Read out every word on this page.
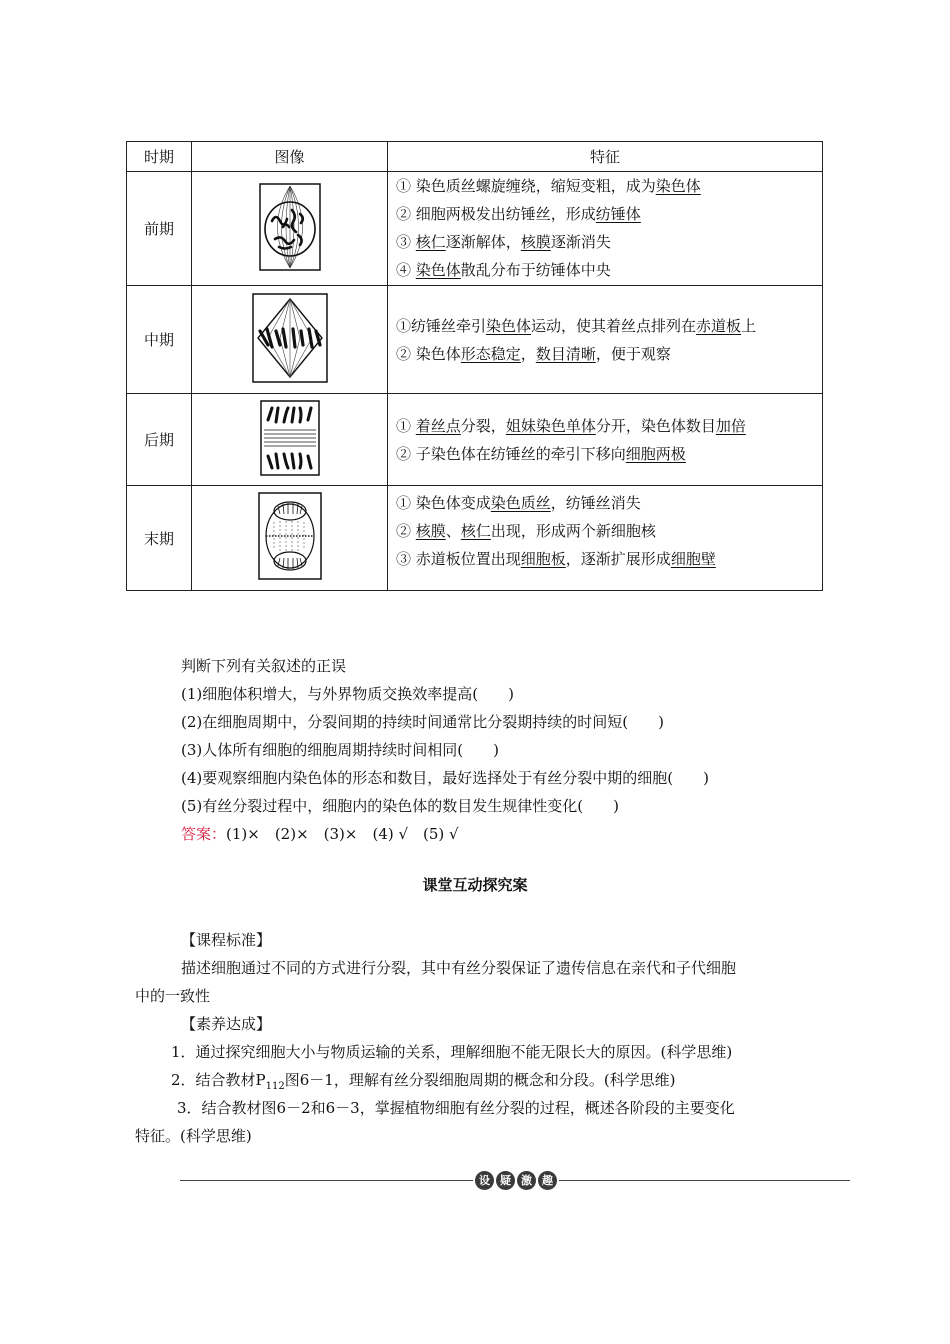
时期	图像	特征
前期		① 染色质丝螺旋缠绕，缩短变粗，成为染色体
② 细胞两极发出纺锤丝，形成纺锤体
③ 核仁逐渐解体，核膜逐渐消失
④ 染色体散乱分布于纺锤体中央

中期		①纺锤丝牵引染色体运动，使其着丝点排列在赤道板上
② 染色体形态稳定，数目清晰，便于观察

后期		① 着丝点分裂，姐妹染色单体分开，染色体数目加倍
② 子染色体在纺锤丝的牵引下移向细胞两极

末期		① 染色体变成染色质丝，纺锤丝消失
② 核膜、核仁出现，形成两个新细胞核
③ 赤道板位置出现细胞板，逐渐扩展形成细胞壁
判断下列有关叙述的正误
(1)细胞体积增大，与外界物质交换效率提高(　　)
(2)在细胞周期中，分裂间期的持续时间通常比分裂期持续的时间短(　　)
(3)人体所有细胞的细胞周期持续时间相同(　　)
(4)要观察细胞内染色体的形态和数目，最好选择处于有丝分裂中期的细胞(　　)
(5)有丝分裂过程中，细胞内的染色体的数目发生规律性变化(　　)
答案：(1)×　(2)×　(3)×　(4) √　(5) √
课堂互动探究案
【课程标准】
描述细胞通过不同的方式进行分裂，其中有丝分裂保证了遗传信息在亲代和子代细胞
中的一致性
【素养达成】
1．通过探究细胞大小与物质运输的关系，理解细胞不能无限长大的原因。(科学思维)
2．结合教材$P_{112}$图6－1，理解有丝分裂细胞周期的概念和分段。(科学思维)
3．结合教材图6－2和6－3，掌握植物细胞有丝分裂的过程，概述各阶段的主要变化
特征。(科学思维)
设 疑 激 趣
